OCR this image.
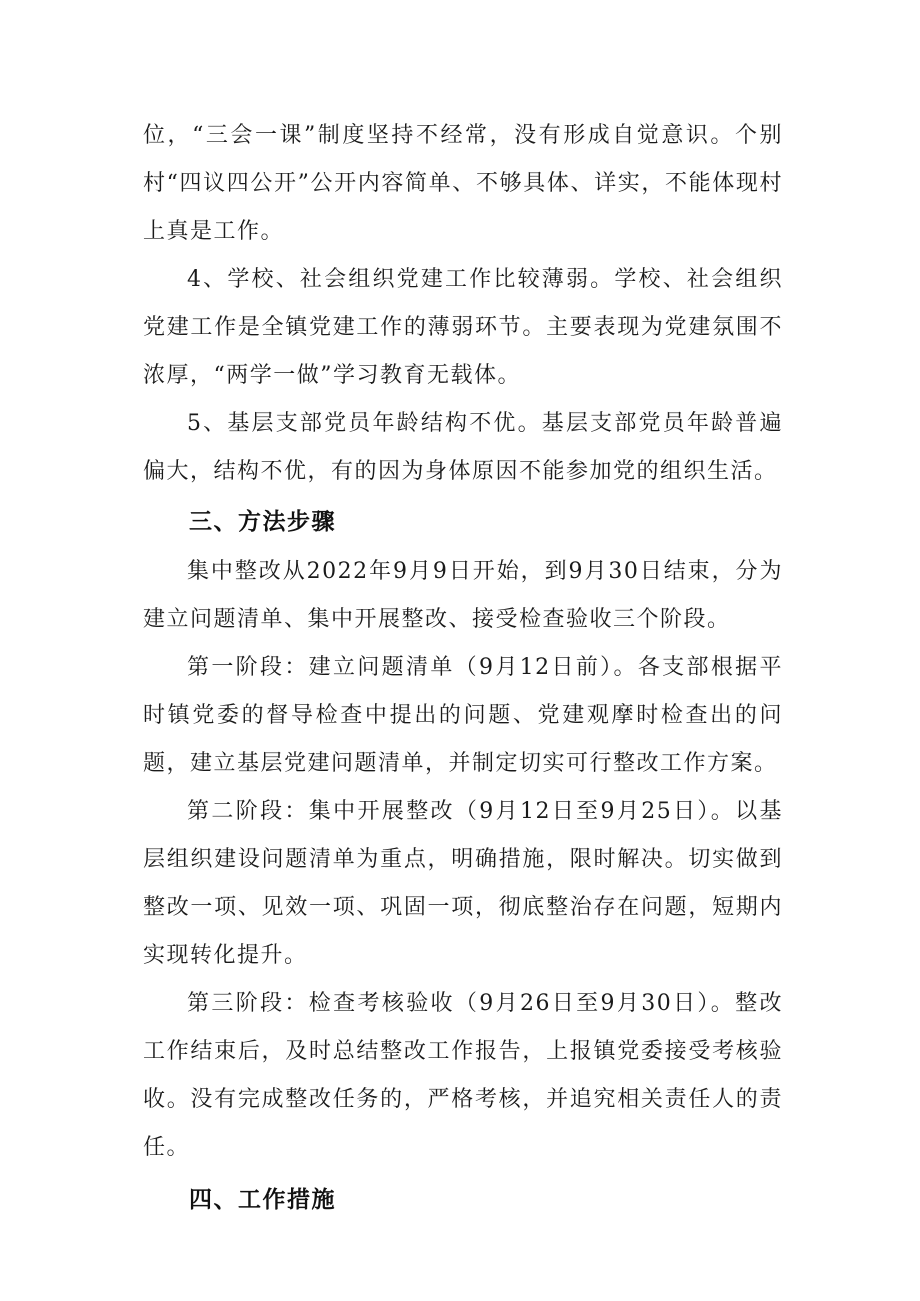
位，“三会一课”制度坚持不经常，没有形成自觉意识。个别村“四议四公开”公开内容简单、不够具体、详实，不能体现村上真是工作。

4、学校、社会组织党建工作比较薄弱。学校、社会组织党建工作是全镇党建工作的薄弱环节。主要表现为党建氛围不浓厚，“两学一做”学习教育无载体。

5、基层支部党员年龄结构不优。基层支部党员年龄普遍偏大，结构不优，有的因为身体原因不能参加党的组织生活。

三、方法步骤

集中整改从2022年9月9日开始，到9月30日结束，分为建立问题清单、集中开展整改、接受检查验收三个阶段。

第一阶段：建立问题清单（9月12日前）。各支部根据平时镇党委的督导检查中提出的问题、党建观摩时检查出的问题，建立基层党建问题清单，并制定切实可行整改工作方案。

第二阶段：集中开展整改（9月12日至9月25日）。以基层组织建设问题清单为重点，明确措施，限时解决。切实做到整改一项、见效一项、巩固一项，彻底整治存在问题，短期内实现转化提升。

第三阶段：检查考核验收（9月26日至9月30日）。整改工作结束后，及时总结整改工作报告，上报镇党委接受考核验收。没有完成整改任务的，严格考核，并追究相关责任人的责任。

四、工作措施
